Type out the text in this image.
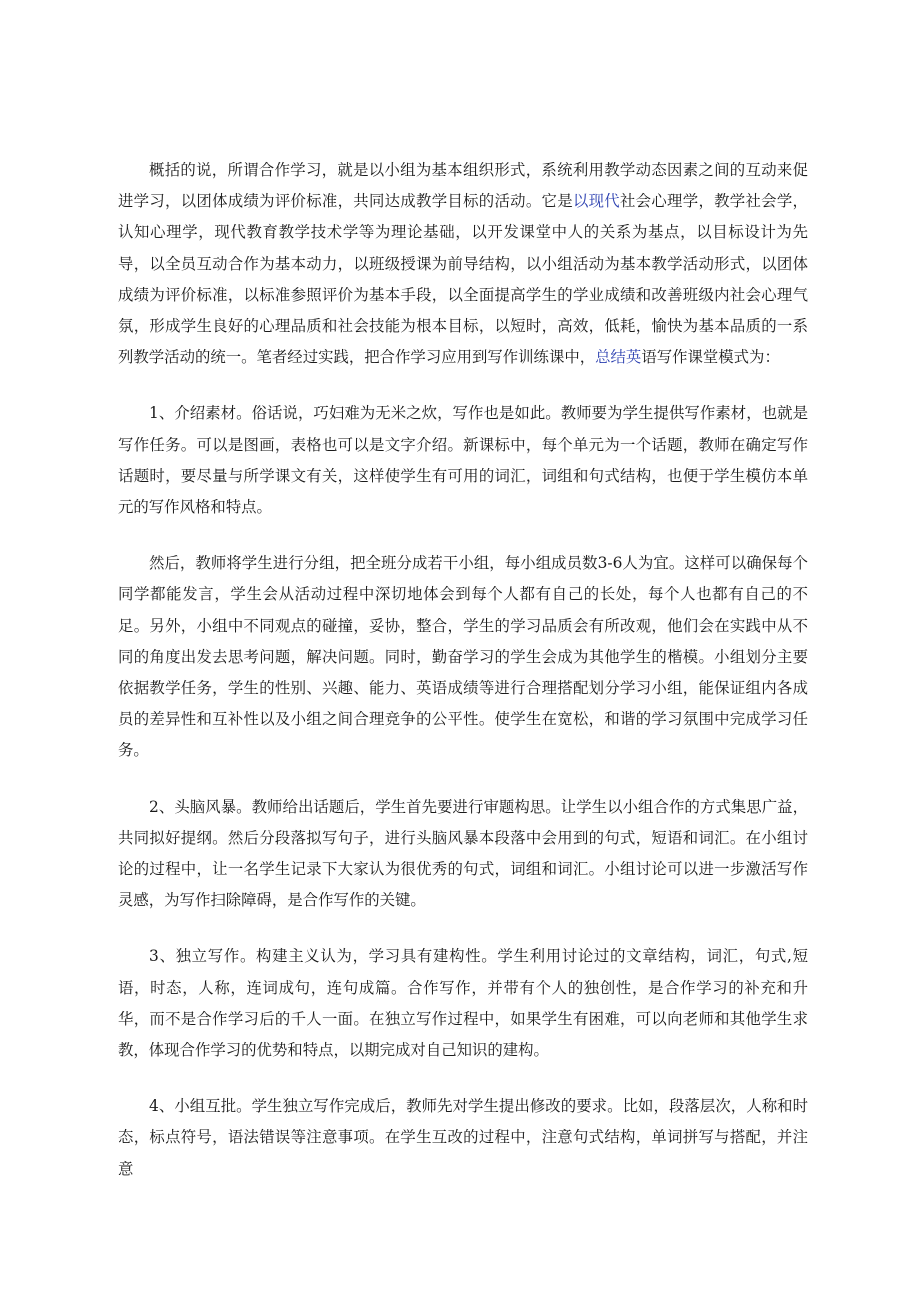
概括的说，所谓合作学习，就是以小组为基本组织形式，系统利用教学动态因素之间的互动来促进学习，以团体成绩为评价标准，共同达成教学目标的活动。它是以现代社会心理学，教学社会学，认知心理学，现代教育教学技术学等为理论基础，以开发课堂中人的关系为基点，以目标设计为先导，以全员互动合作为基本动力，以班级授课为前导结构，以小组活动为基本教学活动形式，以团体成绩为评价标准，以标准参照评价为基本手段，以全面提高学生的学业成绩和改善班级内社会心理气氛，形成学生良好的心理品质和社会技能为根本目标，以短时，高效，低耗，愉快为基本品质的一系列教学活动的统一。笔者经过实践，把合作学习应用到写作训练课中，总结英语写作课堂模式为：

1、介绍素材。俗话说，巧妇难为无米之炊，写作也是如此。教师要为学生提供写作素材，也就是写作任务。可以是图画，表格也可以是文字介绍。新课标中，每个单元为一个话题，教师在确定写作话题时，要尽量与所学课文有关，这样使学生有可用的词汇，词组和句式结构，也便于学生模仿本单元的写作风格和特点。

然后，教师将学生进行分组，把全班分成若干小组，每小组成员数3-6人为宜。这样可以确保每个同学都能发言，学生会从活动过程中深切地体会到每个人都有自己的长处，每个人也都有自己的不足。另外，小组中不同观点的碰撞，妥协，整合，学生的学习品质会有所改观，他们会在实践中从不同的角度出发去思考问题，解决问题。同时，勤奋学习的学生会成为其他学生的楷模。小组划分主要依据教学任务，学生的性别、兴趣、能力、英语成绩等进行合理搭配划分学习小组，能保证组内各成员的差异性和互补性以及小组之间合理竞争的公平性。使学生在宽松，和谐的学习氛围中完成学习任务。

2、头脑风暴。教师给出话题后，学生首先要进行审题构思。让学生以小组合作的方式集思广益，共同拟好提纲。然后分段落拟写句子，进行头脑风暴本段落中会用到的句式，短语和词汇。在小组讨论的过程中，让一名学生记录下大家认为很优秀的句式，词组和词汇。小组讨论可以进一步激活写作灵感，为写作扫除障碍，是合作写作的关键。

3、独立写作。构建主义认为，学习具有建构性。学生利用讨论过的文章结构，词汇，句式,短语，时态，人称，连词成句，连句成篇。合作写作，并带有个人的独创性，是合作学习的补充和升华，而不是合作学习后的千人一面。在独立写作过程中，如果学生有困难，可以向老师和其他学生求教，体现合作学习的优势和特点，以期完成对自己知识的建构。

4、小组互批。学生独立写作完成后，教师先对学生提出修改的要求。比如，段落层次，人称和时态，标点符号，语法错误等注意事项。在学生互改的过程中，注意句式结构，单词拼写与搭配，并注意
